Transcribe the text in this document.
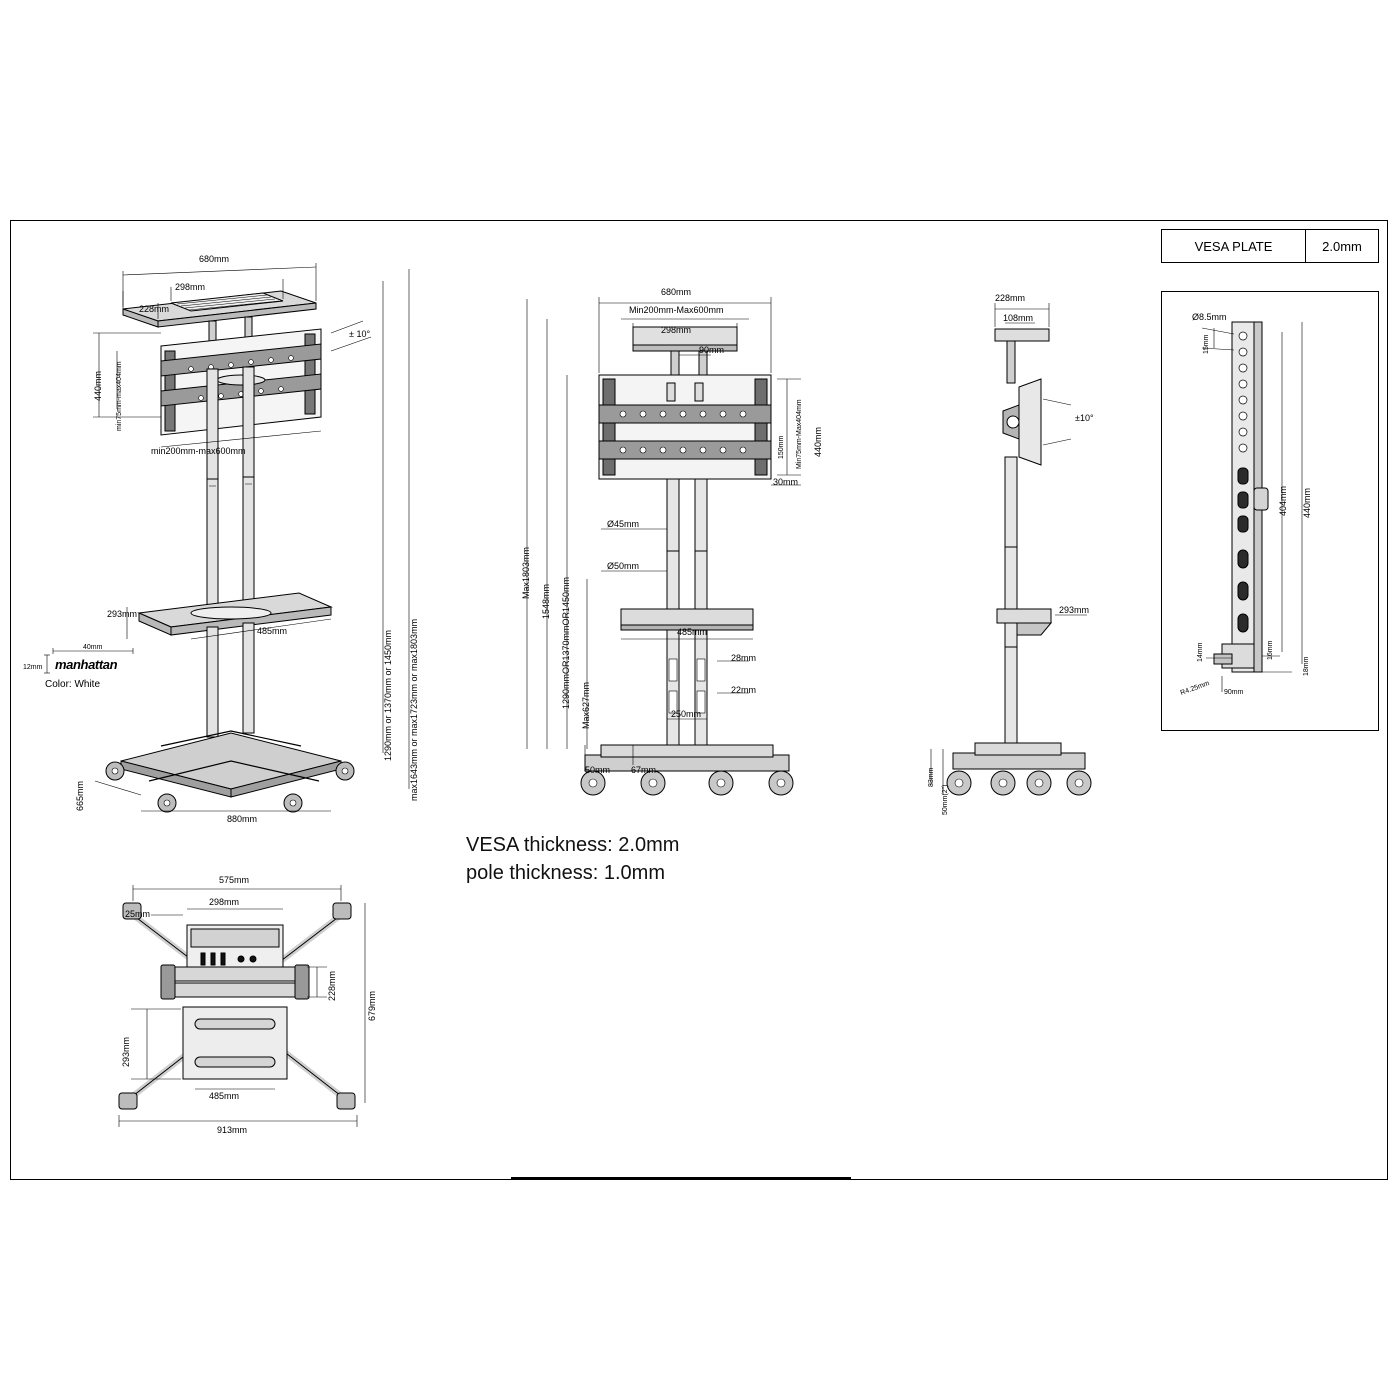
VESA PLATE	2.0mm
680mm
298mm
228mm
440mm min75mm-max404mm
min200mm-max600mm
± 10°
293mm
485mm	1290mm or 1370mm or 1450mm max1643mm or max1723mm or max1803mm
665mm
880mm
40mm
12mm manhattan
Color: White
680mm
Min200mm-Max600mm
298mm
90mm
150mm	440mm
Min75mm-Max404mm
30mm
Ø45mm
Ø50mm
485mm
28mm
22mm
250mm
50mm 67mm
Max1803mm
1548mm 1290mmOR1370mmOR1450mm Max627mm
228mm
108mm
±10°
293mm
83mm
50mm(2")
Ø8.5mm
15mm
404mm 440mm
14mm	16mm
18mm
R4.25mm 90mm
VESA thickness: 2.0mm
pole thickness: 1.0mm
575mm
298mm
25mm
228mm
679mm
293mm
485mm
913mm
